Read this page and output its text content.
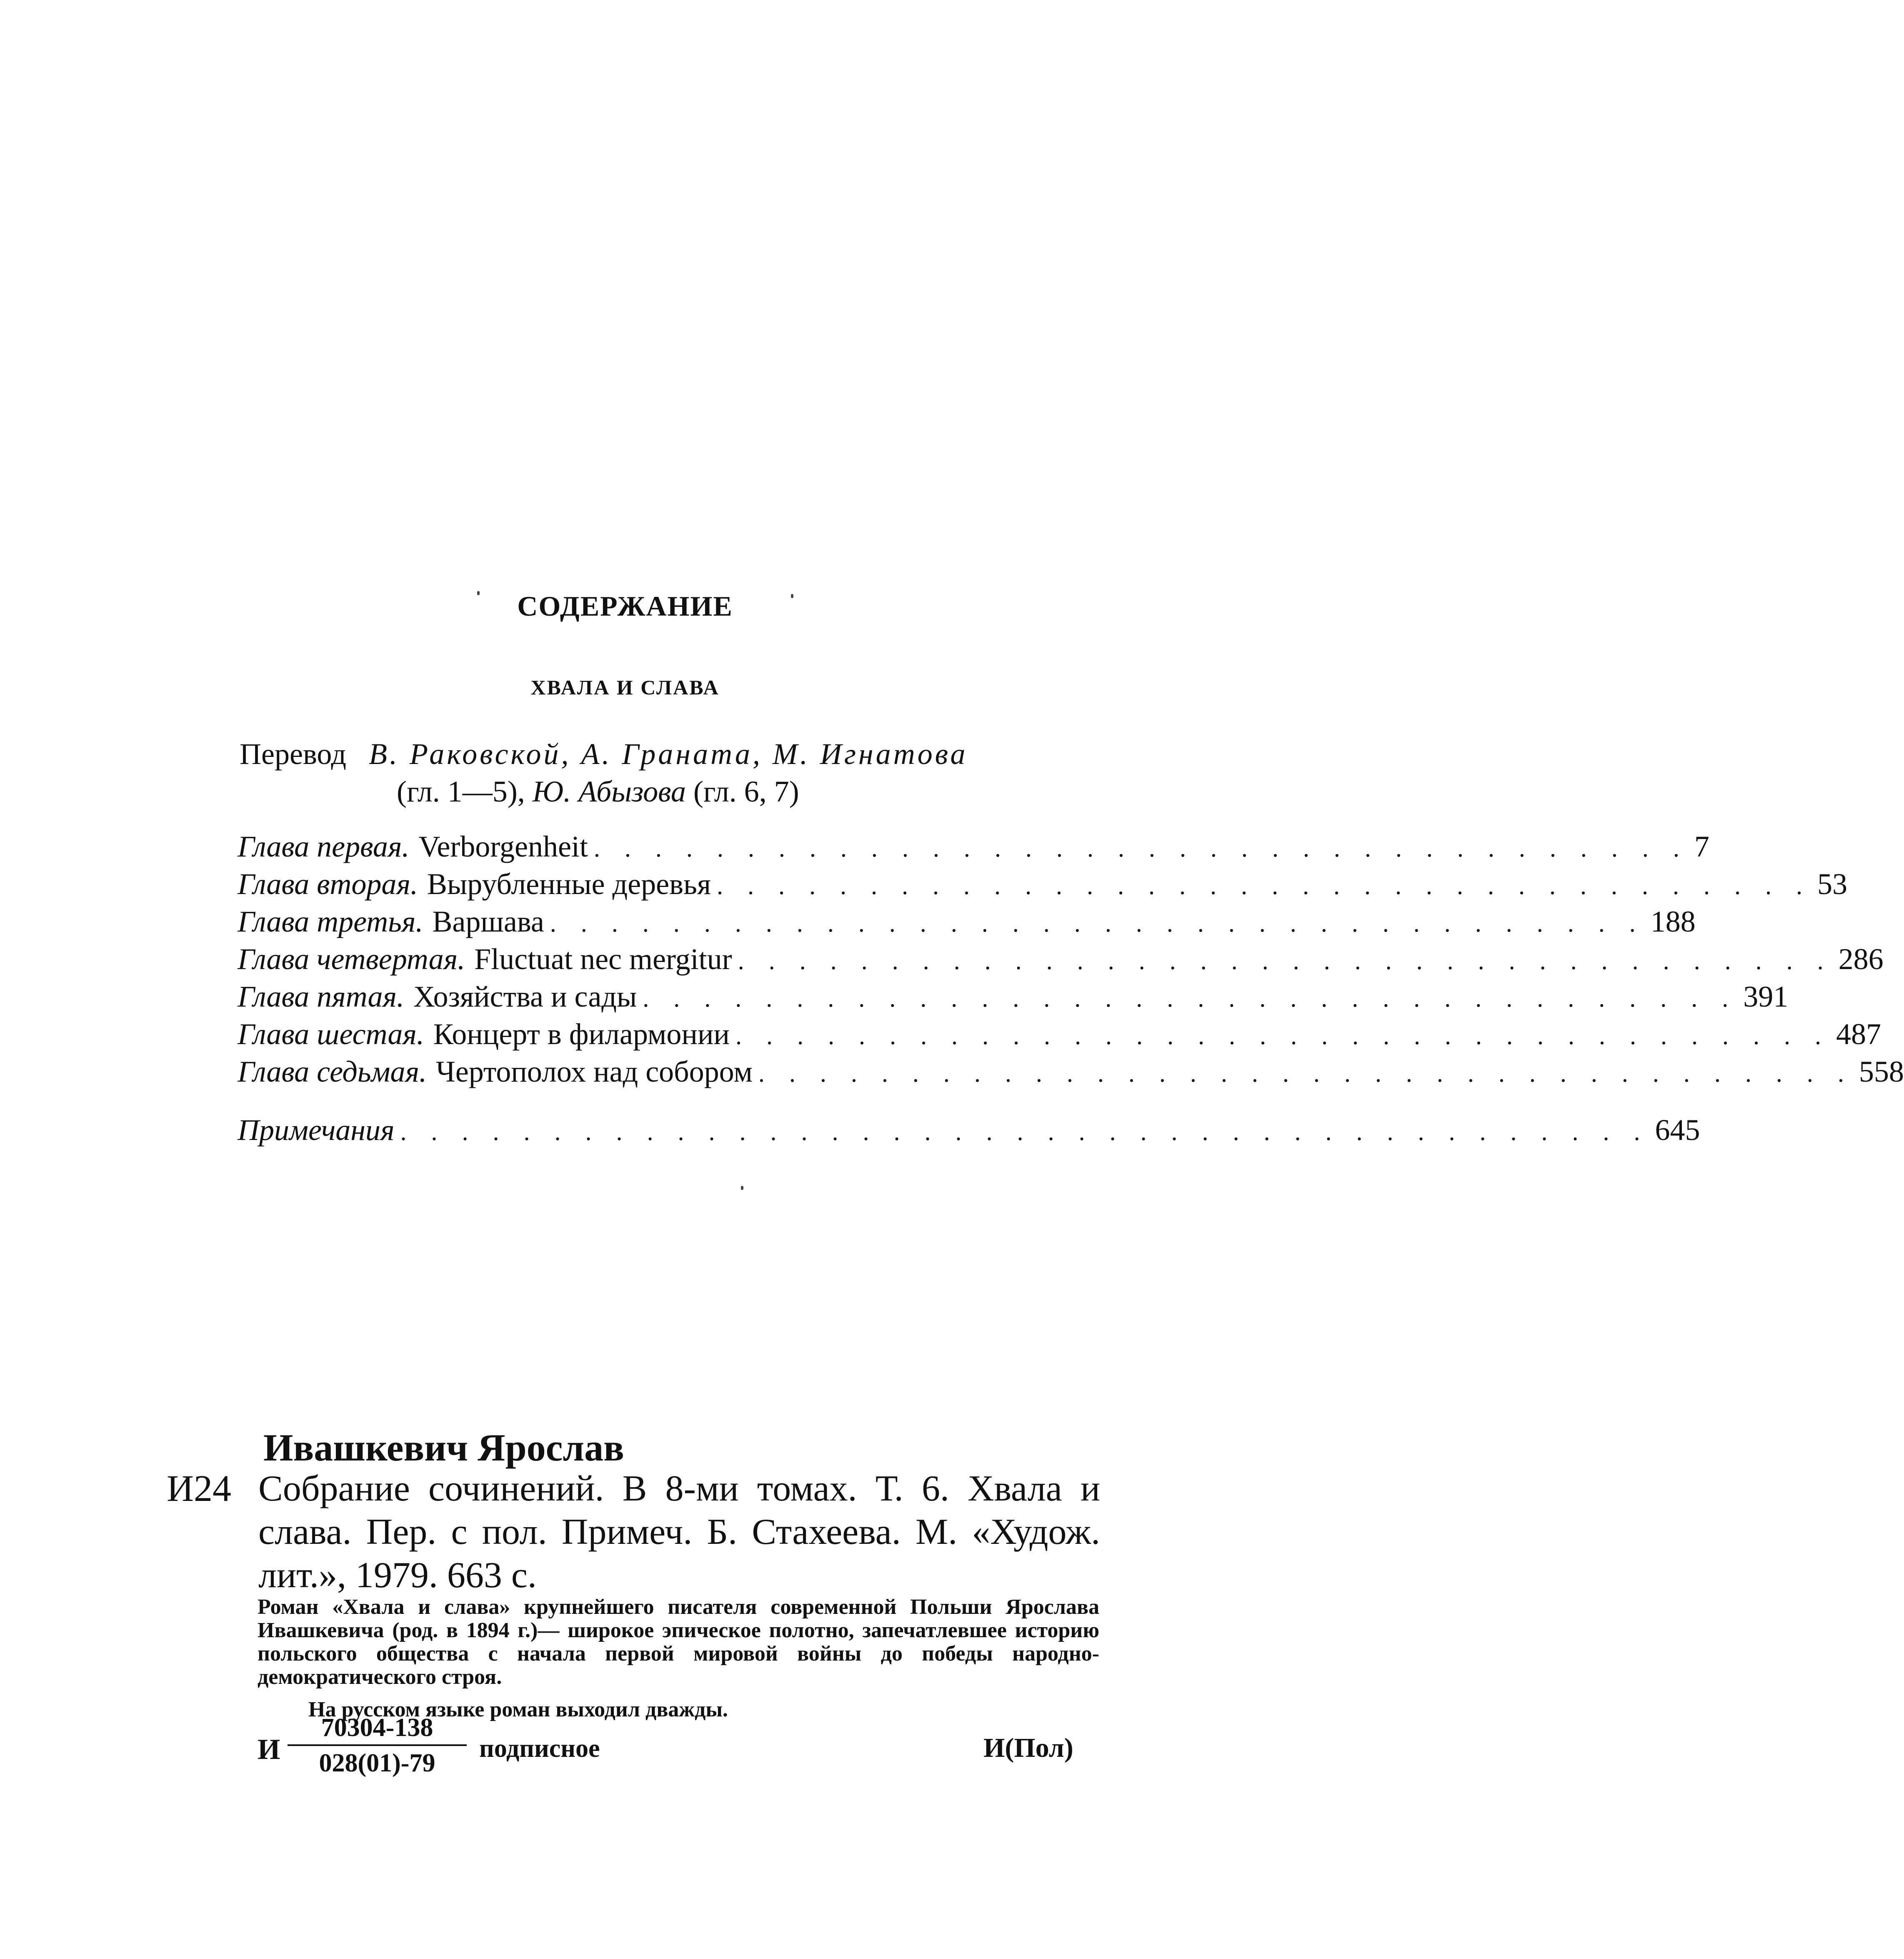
СОДЕРЖАНИЕ
ХВАЛА И СЛАВА
Перевод В. Раковской, А. Граната, М. Игнатова
(гл. 1—5), Ю. Абызова (гл. 6, 7)
Глава первая. Verborgenheit . . . . . . . . . . . . . . . . . . . . . . . . . . . . . . . . . . . . 7
Глава вторая. Вырубленные деревья . . . . . . . . . . . . . . . . . . . . . . . . . . . . . . . . . . . . 53
Глава третья. Варшава . . . . . . . . . . . . . . . . . . . . . . . . . . . . . . . . . . . . 188
Глава четвертая. Fluctuat nec mergitur . . . . . . . . . . . . . . . . . . . . . . . . . . . . . . . . . . . . 286
Глава пятая. Хозяйства и сады . . . . . . . . . . . . . . . . . . . . . . . . . . . . . . . . . . . . 391
Глава шестая. Концерт в филармонии . . . . . . . . . . . . . . . . . . . . . . . . . . . . . . . . . . . . 487
Глава седьмая. Чертополох над собором . . . . . . . . . . . . . . . . . . . . . . . . . . . . . . . . . . . . 558
Примечания . . . . . . . . . . . . . . . . . . . . . . . . . . . . . . . . . . . . . . . . . 645
Ивашкевич Ярослав
И24 Собрание сочинений. В 8-ми томах. Т. 6. Хвала и слава. Пер. с пол. Примеч. Б. Стахеева. М. «Худож. лит.», 1979. 663 с.
Роман «Хвала и слава» крупнейшего писателя современной Польши Ярослава Ивашкевича (род. в 1894 г.)— широкое эпическое полотно, запечатлевшее историю польского общества с начала первой мировой войны до победы народно-демократического строя.
На русском языке роман выходил дважды.
И $\frac{70304-138}{028(01)-79}$ подписное	И(Пол)
